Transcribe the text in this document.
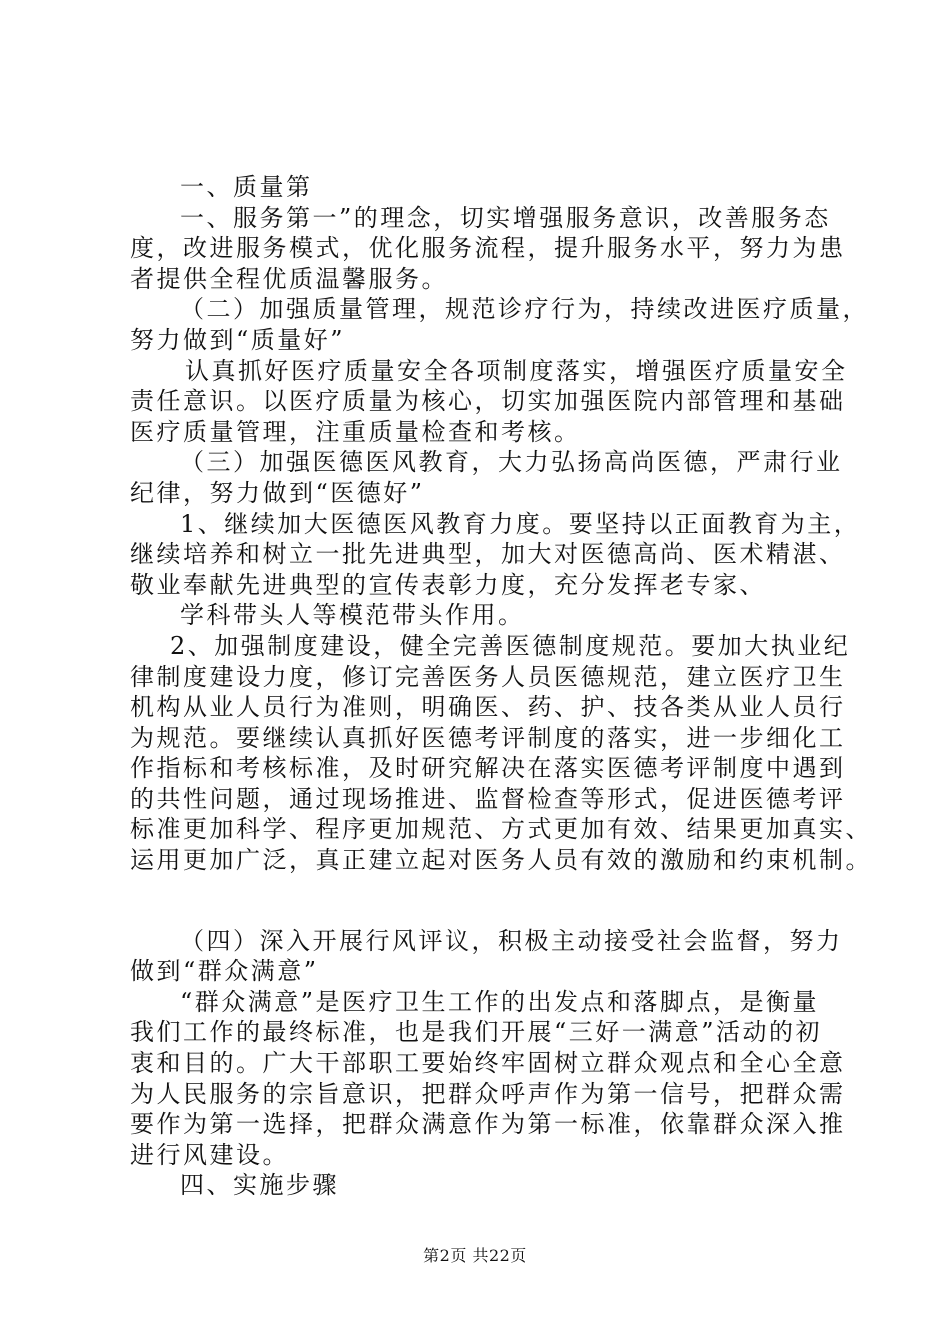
一、质量第
一、服务第一”的理念，切实增强服务意识，改善服务态
度，改进服务模式，优化服务流程，提升服务水平，努力为患
者提供全程优质温馨服务。
（二）加强质量管理，规范诊疗行为，持续改进医疗质量，
努力做到“质量好”
认真抓好医疗质量安全各项制度落实，增强医疗质量安全
责任意识。以医疗质量为核心，切实加强医院内部管理和基础
医疗质量管理，注重质量检查和考核。
（三）加强医德医风教育，大力弘扬高尚医德，严肃行业
纪律，努力做到“医德好”
1、继续加大医德医风教育力度。要坚持以正面教育为主，
继续培养和树立一批先进典型，加大对医德高尚、医术精湛、
敬业奉献先进典型的宣传表彰力度，充分发挥老专家、
学科带头人等模范带头作用。
2、加强制度建设，健全完善医德制度规范。要加大执业纪
律制度建设力度，修订完善医务人员医德规范，建立医疗卫生
机构从业人员行为准则，明确医、药、护、技各类从业人员行
为规范。要继续认真抓好医德考评制度的落实，进一步细化工
作指标和考核标准，及时研究解决在落实医德考评制度中遇到
的共性问题，通过现场推进、监督检查等形式，促进医德考评
标准更加科学、程序更加规范、方式更加有效、结果更加真实、
运用更加广泛，真正建立起对医务人员有效的激励和约束机制。
（四）深入开展行风评议，积极主动接受社会监督，努力
做到“群众满意”
“群众满意”是医疗卫生工作的出发点和落脚点，是衡量
我们工作的最终标准，也是我们开展“三好一满意”活动的初
衷和目的。广大干部职工要始终牢固树立群众观点和全心全意
为人民服务的宗旨意识，把群众呼声作为第一信号，把群众需
要作为第一选择，把群众满意作为第一标准，依靠群众深入推
进行风建设。
四、实施步骤
第2页 共22页
